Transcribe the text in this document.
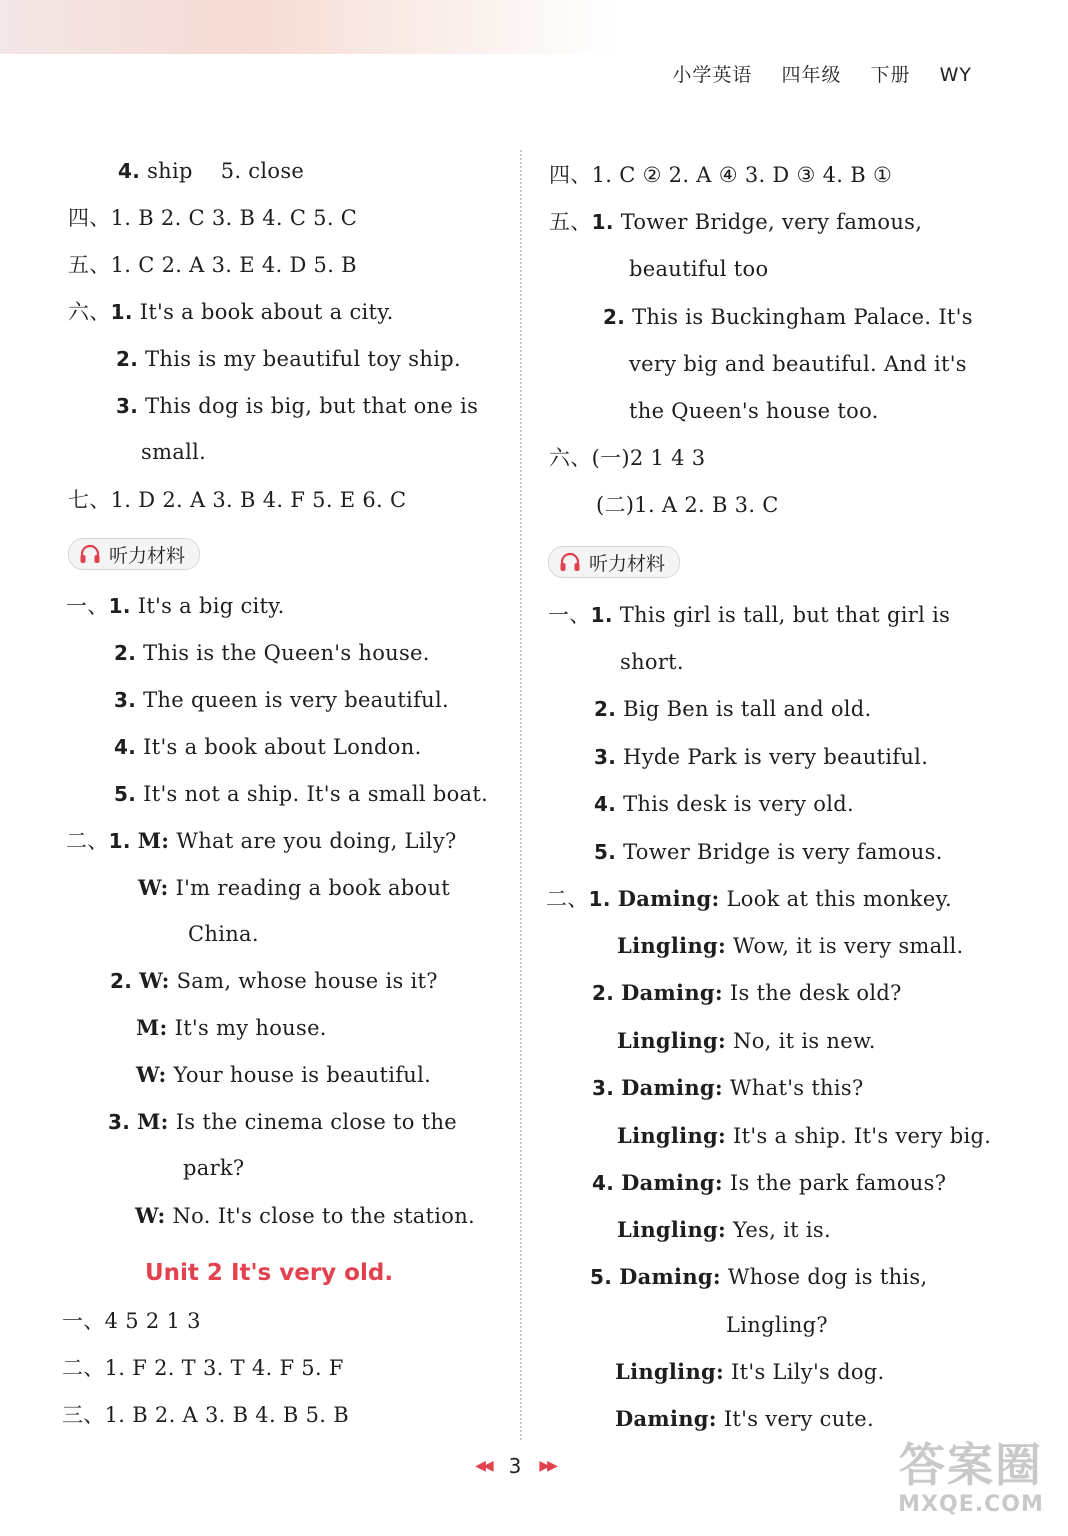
小学英语 四年级 下册 WY
4. ship 5. close
四、1. B 2. C 3. B 4. C 5. C
五、1. C 2. A 3. E 4. D 5. B
六、1. It's a book about a city.
2. This is my beautiful toy ship.
3. This dog is big, but that one is
small.
七、1. D 2. A 3. B 4. F 5. E 6. C
听力材料
一、1. It's a big city.
2. This is the Queen's house.
3. The queen is very beautiful.
4. It's a book about London.
5. It's not a ship. It's a small boat.
二、1. M: What are you doing, Lily?
W: I'm reading a book about
China.
2. W: Sam, whose house is it?
M: It's my house.
W: Your house is beautiful.
3. M: Is the cinema close to the
park?
W: No. It's close to the station.
Unit 2 It's very old.
一、4 5 2 1 3
二、1. F 2. T 3. T 4. F 5. F
三、1. B 2. A 3. B 4. B 5. B
四、1. C ② 2. A ④ 3. D ③ 4. B ①
五、1. Tower Bridge, very famous,
beautiful too
2. This is Buckingham Palace. It's
very big and beautiful. And it's
the Queen's house too.
六、(一)2 1 4 3
(二)1. A 2. B 3. C
听力材料
一、1. This girl is tall, but that girl is
short.
2. Big Ben is tall and old.
3. Hyde Park is very beautiful.
4. This desk is very old.
5. Tower Bridge is very famous.
二、1. Daming: Look at this monkey.
Lingling: Wow, it is very small.
2. Daming: Is the desk old?
Lingling: No, it is new.
3. Daming: What's this?
Lingling: It's a ship. It's very big.
4. Daming: Is the park famous?
Lingling: Yes, it is.
5. Daming: Whose dog is this,
Lingling?
Lingling: It's Lily's dog.
Daming: It's very cute.
◀◀ 3 ▶▶	答案圈
MXQE.COM
